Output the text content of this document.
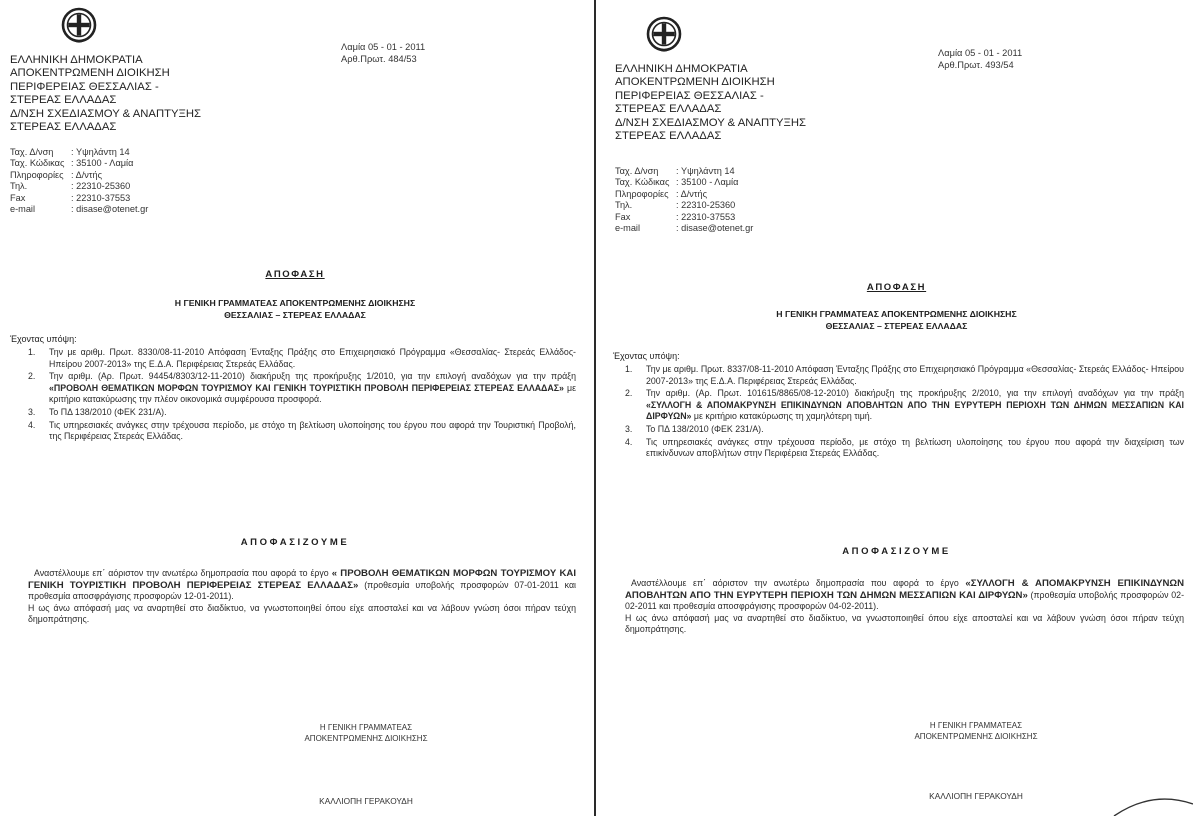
ΕΛΛΗΝΙΚΗ ΔΗΜΟΚΡΑΤΙΑ
ΑΠΟΚΕΝΤΡΩΜΕΝΗ ΔΙΟΙΚΗΣΗ
ΠΕΡΙΦΕΡΕΙΑΣ ΘΕΣΣΑΛΙΑΣ -
ΣΤΕΡΕΑΣ ΕΛΛΑΔΑΣ
Δ/ΝΣΗ ΣΧΕΔΙΑΣΜΟΥ & ΑΝΑΠΤΥΞΗΣ
ΣΤΕΡΕΑΣ ΕΛΛΑΔΑΣ
Λαμία 05 - 01 - 2011
Αρθ.Πρωτ. 484/53
Ταχ. Δ/νση	: Υψηλάντη 14
Ταχ. Κώδικας : 35100 - Λαμία
Πληροφορίες : Δ/ντής
Τηλ.	: 22310-25360
Fax	: 22310-37553
e-mail	: disase@otenet.gr
ΑΠΟΦΑΣΗ
Η ΓΕΝΙΚΗ ΓΡΑΜΜΑΤΕΑΣ ΑΠΟΚΕΝΤΡΩΜΕΝΗΣ ΔΙΟΙΚΗΣΗΣ
ΘΕΣΣΑΛΙΑΣ – ΣΤΕΡΕΑΣ ΕΛΛΑΔΑΣ
Έχοντας υπόψη:
1.	Την με αριθμ. Πρωτ. 8330/08-11-2010 Απόφαση Ένταξης Πράξης στο Επιχειρησιακό Πρόγραμμα «Θεσσαλίας- Στερεάς Ελλάδος- Ηπείρου 2007-2013» της Ε.Δ.Α. Περιφέρειας Στερεάς Ελλάδας.
2.	Την αριθμ. (Αρ. Πρωτ. 94454/8303/12-11-2010) διακήρυξη της προκήρυξης 1/2010, για την επιλογή αναδόχων για την πράξη «ΠΡΟΒΟΛΗ ΘΕΜΑΤΙΚΩΝ ΜΟΡΦΩΝ ΤΟΥΡΙΣΜΟΥ ΚΑΙ ΓΕΝΙΚΗ ΤΟΥΡΙΣΤΙΚΗ ΠΡΟΒΟΛΗ ΠΕΡΙΦΕΡΕΙΑΣ ΣΤΕΡΕΑΣ ΕΛΛΑΔΑΣ» με κριτήριο κατακύρωσης την πλέον οικονομικά συμφέρουσα προσφορά.
3.	Το ΠΔ 138/2010 (ΦΕΚ 231/Α).
4.	Τις υπηρεσιακές ανάγκες στην τρέχουσα περίοδο, με στόχο τη βελτίωση υλοποίησης του έργου που αφορά την Τουριστική Προβολή, της Περιφέρειας Στερεάς Ελλάδας.
ΑΠΟΦΑΣΙΖΟΥΜΕ

Αναστέλλουμε επ΄ αόριστον την ανωτέρω δημοπρασία που αφορά το έργο « ΠΡΟΒΟΛΗ ΘΕΜΑΤΙΚΩΝ ΜΟΡΦΩΝ ΤΟΥΡΙΣΜΟΥ ΚΑΙ ΓΕΝΙΚΗ ΤΟΥΡΙΣΤΙΚΗ ΠΡΟΒΟΛΗ ΠΕΡΙΦΕΡΕΙΑΣ ΣΤΕΡΕΑΣ ΕΛΛΑΔΑΣ» (προθεσμία υποβολής προσφορών 07-01-2011 και προθεσμία αποσφράγισης προσφορών 12-01-2011).

Η ως άνω απόφασή μας να αναρτηθεί στο διαδίκτυο, να γνωστοποιηθεί όπου είχε αποσταλεί και να λάβουν γνώση όσοι πήραν τεύχη δημοπράτησης.

Η ΓΕΝΙΚΗ ΓΡΑΜΜΑΤΕΑΣ
ΑΠΟΚΕΝΤΡΩΜΕΝΗΣ ΔΙΟΙΚΗΣΗΣ
ΚΑΛΛΙΟΠΗ ΓΕΡΑΚΟΥΔΗ
ΕΛΛΗΝΙΚΗ ΔΗΜΟΚΡΑΤΙΑ
ΑΠΟΚΕΝΤΡΩΜΕΝΗ ΔΙΟΙΚΗΣΗ
ΠΕΡΙΦΕΡΕΙΑΣ ΘΕΣΣΑΛΙΑΣ -
ΣΤΕΡΕΑΣ ΕΛΛΑΔΑΣ
Δ/ΝΣΗ ΣΧΕΔΙΑΣΜΟΥ & ΑΝΑΠΤΥΞΗΣ
ΣΤΕΡΕΑΣ ΕΛΛΑΔΑΣ
Λαμία 05 - 01 - 2011
Αρθ.Πρωτ. 493/54
Ταχ. Δ/νση	: Υψηλάντη 14
Ταχ. Κώδικας : 35100 - Λαμία
Πληροφορίες : Δ/ντής
Τηλ.	: 22310-25360
Fax	: 22310-37553
e-mail	: disase@otenet.gr
ΑΠΟΦΑΣΗ
Η ΓΕΝΙΚΗ ΓΡΑΜΜΑΤΕΑΣ ΑΠΟΚΕΝΤΡΩΜΕΝΗΣ ΔΙΟΙΚΗΣΗΣ
ΘΕΣΣΑΛΙΑΣ – ΣΤΕΡΕΑΣ ΕΛΛΑΔΑΣ
Έχοντας υπόψη:
1.	Την με αριθμ. Πρωτ. 8337/08-11-2010 Απόφαση Ένταξης Πράξης στο Επιχειρησιακό Πρόγραμμα «Θεσσαλίας- Στερεάς Ελλάδος- Ηπείρου 2007-2013» της Ε.Δ.Α. Περιφέρειας Στερεάς Ελλάδας.
2.	Την αριθμ. (Αρ. Πρωτ. 101615/8865/08-12-2010) διακήρυξη της προκήρυξης 2/2010, για την επιλογή αναδόχων για την πράξη «ΣΥΛΛΟΓΗ & ΑΠΟΜΑΚΡΥΝΣΗ ΕΠΙΚΙΝΔΥΝΩΝ ΑΠΟΒΛΗΤΩΝ ΑΠΟ ΤΗΝ ΕΥΡΥΤΕΡΗ ΠΕΡΙΟΧΗ ΤΩΝ ΔΗΜΩΝ ΜΕΣΣΑΠΙΩΝ ΚΑΙ ΔΙΡΦΥΩΝ» με κριτήριο κατακύρωσης τη χαμηλότερη τιμή.
3.	Το ΠΔ 138/2010 (ΦΕΚ 231/Α).
4.	Τις υπηρεσιακές ανάγκες στην τρέχουσα περίοδο, με στόχο τη βελτίωση υλοποίησης του έργου που αφορά την διαχείριση των επικίνδυνων αποβλήτων στην Περιφέρεια Στερεάς Ελλάδας.
ΑΠΟΦΑΣΙΖΟΥΜΕ

Αναστέλλουμε επ΄ αόριστον την ανωτέρω δημοπρασία που αφορά το έργο «ΣΥΛΛΟΓΗ & ΑΠΟΜΑΚΡΥΝΣΗ ΕΠΙΚΙΝΔΥΝΩΝ ΑΠΟΒΛΗΤΩΝ ΑΠΟ ΤΗΝ ΕΥΡΥΤΕΡΗ ΠΕΡΙΟΧΗ ΤΩΝ ΔΗΜΩΝ ΜΕΣΣΑΠΙΩΝ ΚΑΙ ΔΙΡΦΥΩΝ» (προθεσμία υποβολής προσφορών 02-02-2011 και προθεσμία αποσφράγισης προσφορών 04-02-2011).

Η ως άνω απόφασή μας να αναρτηθεί στο διαδίκτυο, να γνωστοποιηθεί όπου είχε αποσταλεί και να λάβουν γνώση όσοι πήραν τεύχη δημοπράτησης.

Η ΓΕΝΙΚΗ ΓΡΑΜΜΑΤΕΑΣ
ΑΠΟΚΕΝΤΡΩΜΕΝΗΣ ΔΙΟΙΚΗΣΗΣ
ΚΑΛΛΙΟΠΗ ΓΕΡΑΚΟΥΔΗ
